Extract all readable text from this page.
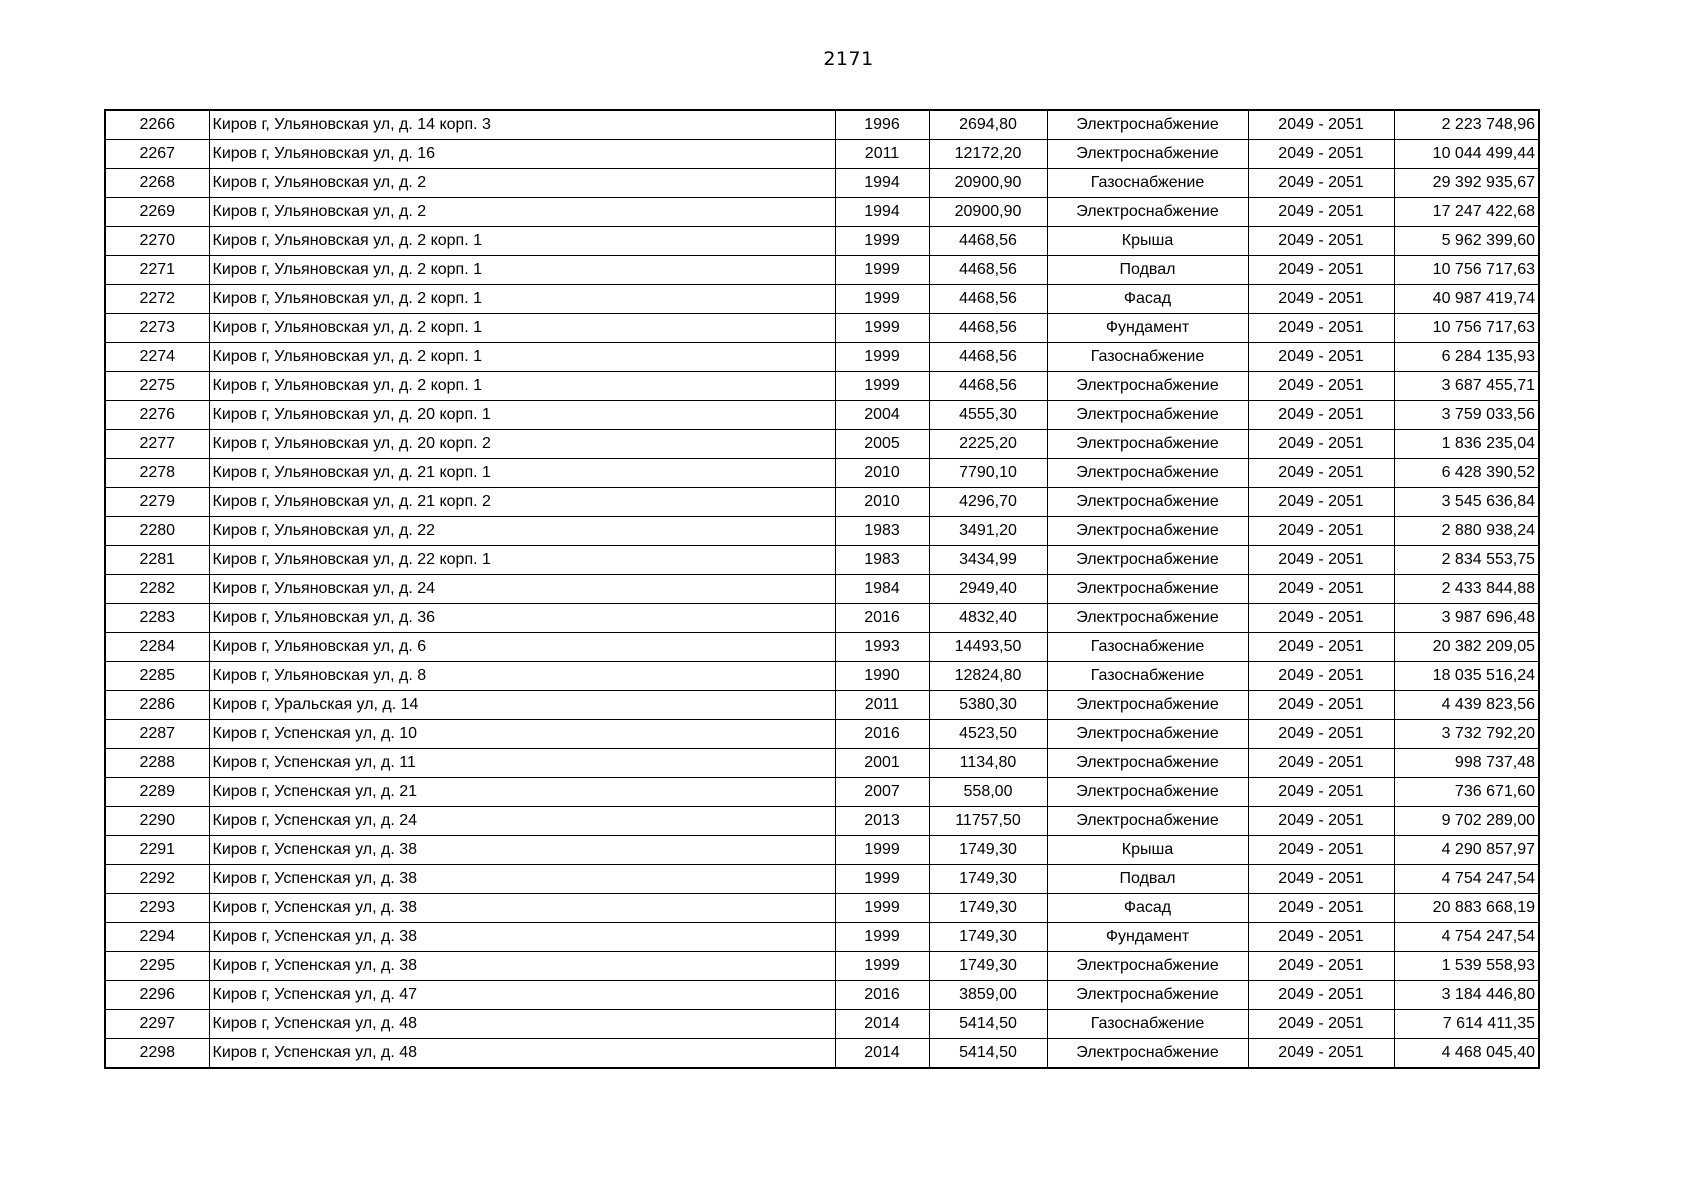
2171
2266	Киров г, Ульяновская ул, д. 14 корп. 3	1996	2694,80	Электроснабжение	2049 - 2051	2 223 748,96
2267	Киров г, Ульяновская ул, д. 16	2011	12172,20	Электроснабжение	2049 - 2051	10 044 499,44
2268	Киров г, Ульяновская ул, д. 2	1994	20900,90	Газоснабжение	2049 - 2051	29 392 935,67
2269	Киров г, Ульяновская ул, д. 2	1994	20900,90	Электроснабжение	2049 - 2051	17 247 422,68
2270	Киров г, Ульяновская ул, д. 2 корп. 1	1999	4468,56	Крыша	2049 - 2051	5 962 399,60
2271	Киров г, Ульяновская ул, д. 2 корп. 1	1999	4468,56	Подвал	2049 - 2051	10 756 717,63
2272	Киров г, Ульяновская ул, д. 2 корп. 1	1999	4468,56	Фасад	2049 - 2051	40 987 419,74
2273	Киров г, Ульяновская ул, д. 2 корп. 1	1999	4468,56	Фундамент	2049 - 2051	10 756 717,63
2274	Киров г, Ульяновская ул, д. 2 корп. 1	1999	4468,56	Газоснабжение	2049 - 2051	6 284 135,93
2275	Киров г, Ульяновская ул, д. 2 корп. 1	1999	4468,56	Электроснабжение	2049 - 2051	3 687 455,71
2276	Киров г, Ульяновская ул, д. 20 корп. 1	2004	4555,30	Электроснабжение	2049 - 2051	3 759 033,56
2277	Киров г, Ульяновская ул, д. 20 корп. 2	2005	2225,20	Электроснабжение	2049 - 2051	1 836 235,04
2278	Киров г, Ульяновская ул, д. 21 корп. 1	2010	7790,10	Электроснабжение	2049 - 2051	6 428 390,52
2279	Киров г, Ульяновская ул, д. 21 корп. 2	2010	4296,70	Электроснабжение	2049 - 2051	3 545 636,84
2280	Киров г, Ульяновская ул, д. 22	1983	3491,20	Электроснабжение	2049 - 2051	2 880 938,24
2281	Киров г, Ульяновская ул, д. 22 корп. 1	1983	3434,99	Электроснабжение	2049 - 2051	2 834 553,75
2282	Киров г, Ульяновская ул, д. 24	1984	2949,40	Электроснабжение	2049 - 2051	2 433 844,88
2283	Киров г, Ульяновская ул, д. 36	2016	4832,40	Электроснабжение	2049 - 2051	3 987 696,48
2284	Киров г, Ульяновская ул, д. 6	1993	14493,50	Газоснабжение	2049 - 2051	20 382 209,05
2285	Киров г, Ульяновская ул, д. 8	1990	12824,80	Газоснабжение	2049 - 2051	18 035 516,24
2286	Киров г, Уральская ул, д. 14	2011	5380,30	Электроснабжение	2049 - 2051	4 439 823,56
2287	Киров г, Успенская ул, д. 10	2016	4523,50	Электроснабжение	2049 - 2051	3 732 792,20
2288	Киров г, Успенская ул, д. 11	2001	1134,80	Электроснабжение	2049 - 2051	998 737,48
2289	Киров г, Успенская ул, д. 21	2007	558,00	Электроснабжение	2049 - 2051	736 671,60
2290	Киров г, Успенская ул, д. 24	2013	11757,50	Электроснабжение	2049 - 2051	9 702 289,00
2291	Киров г, Успенская ул, д. 38	1999	1749,30	Крыша	2049 - 2051	4 290 857,97
2292	Киров г, Успенская ул, д. 38	1999	1749,30	Подвал	2049 - 2051	4 754 247,54
2293	Киров г, Успенская ул, д. 38	1999	1749,30	Фасад	2049 - 2051	20 883 668,19
2294	Киров г, Успенская ул, д. 38	1999	1749,30	Фундамент	2049 - 2051	4 754 247,54
2295	Киров г, Успенская ул, д. 38	1999	1749,30	Электроснабжение	2049 - 2051	1 539 558,93
2296	Киров г, Успенская ул, д. 47	2016	3859,00	Электроснабжение	2049 - 2051	3 184 446,80
2297	Киров г, Успенская ул, д. 48	2014	5414,50	Газоснабжение	2049 - 2051	7 614 411,35
2298	Киров г, Успенская ул, д. 48	2014	5414,50	Электроснабжение	2049 - 2051	4 468 045,40
